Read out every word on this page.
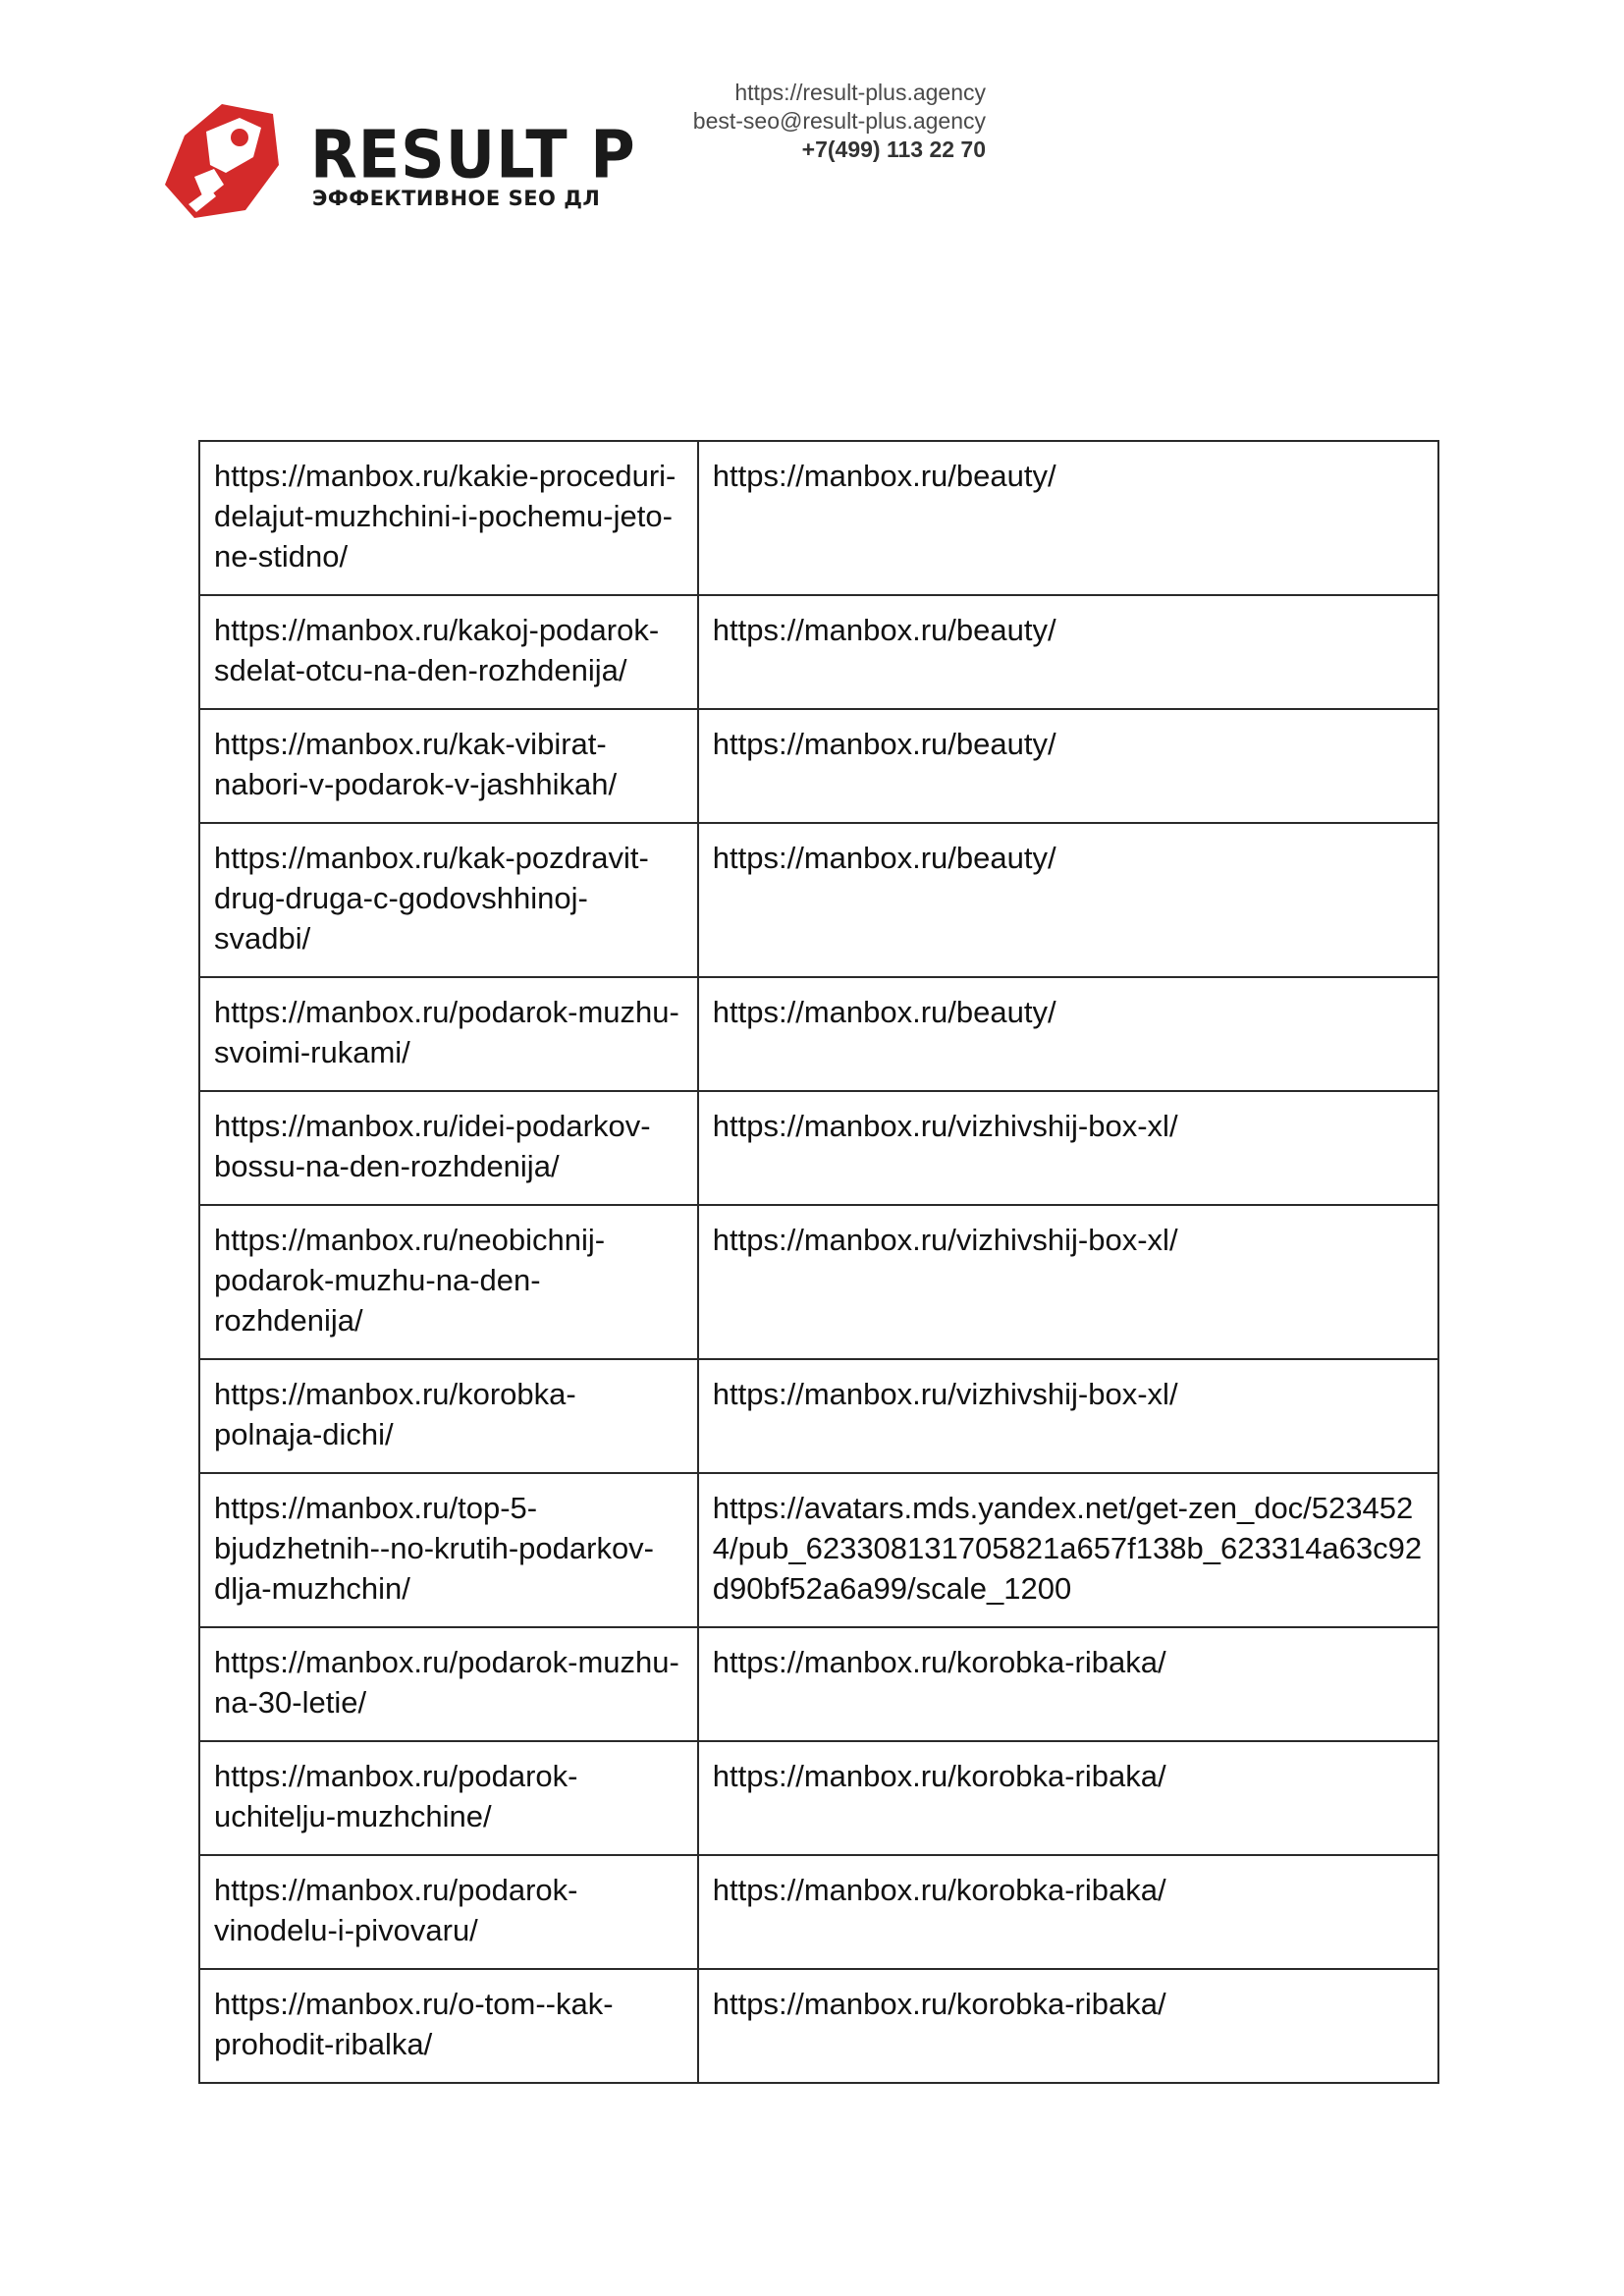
RESULT P
ЭФФЕКТИВНОЕ SEO ДЛ
https://result-plus.agency
best-seo@result-plus.agency
+7(499) 113 22 70
https://manbox.ru/kakie-proceduri-delajut-muzhchini-i-pochemu-jeto-ne-stidno/	https://manbox.ru/beauty/
https://manbox.ru/kakoj-podarok-sdelat-otcu-na-den-rozhdenija/	https://manbox.ru/beauty/
https://manbox.ru/kak-vibirat-nabori-v-podarok-v-jashhikah/	https://manbox.ru/beauty/
https://manbox.ru/kak-pozdravit-drug-druga-c-godovshhinoj-svadbi/	https://manbox.ru/beauty/
https://manbox.ru/podarok-muzhu-svoimi-rukami/	https://manbox.ru/beauty/
https://manbox.ru/idei-podarkov-bossu-na-den-rozhdenija/	https://manbox.ru/vizhivshij-box-xl/
https://manbox.ru/neobichnij-podarok-muzhu-na-den-rozhdenija/	https://manbox.ru/vizhivshij-box-xl/
https://manbox.ru/korobka-polnaja-dichi/	https://manbox.ru/vizhivshij-box-xl/
https://manbox.ru/top-5-bjudzhetnih--no-krutih-podarkov-dlja-muzhchin/	https://avatars.mds.yandex.net/get-zen_doc/5234524/pub_623308131705821a657f138b_623314a63c92d90bf52a6a99/scale_1200
https://manbox.ru/podarok-muzhu-na-30-letie/	https://manbox.ru/korobka-ribaka/
https://manbox.ru/podarok-uchitelju-muzhchine/	https://manbox.ru/korobka-ribaka/
https://manbox.ru/podarok-vinodelu-i-pivovaru/	https://manbox.ru/korobka-ribaka/
https://manbox.ru/o-tom--kak-prohodit-ribalka/	https://manbox.ru/korobka-ribaka/
